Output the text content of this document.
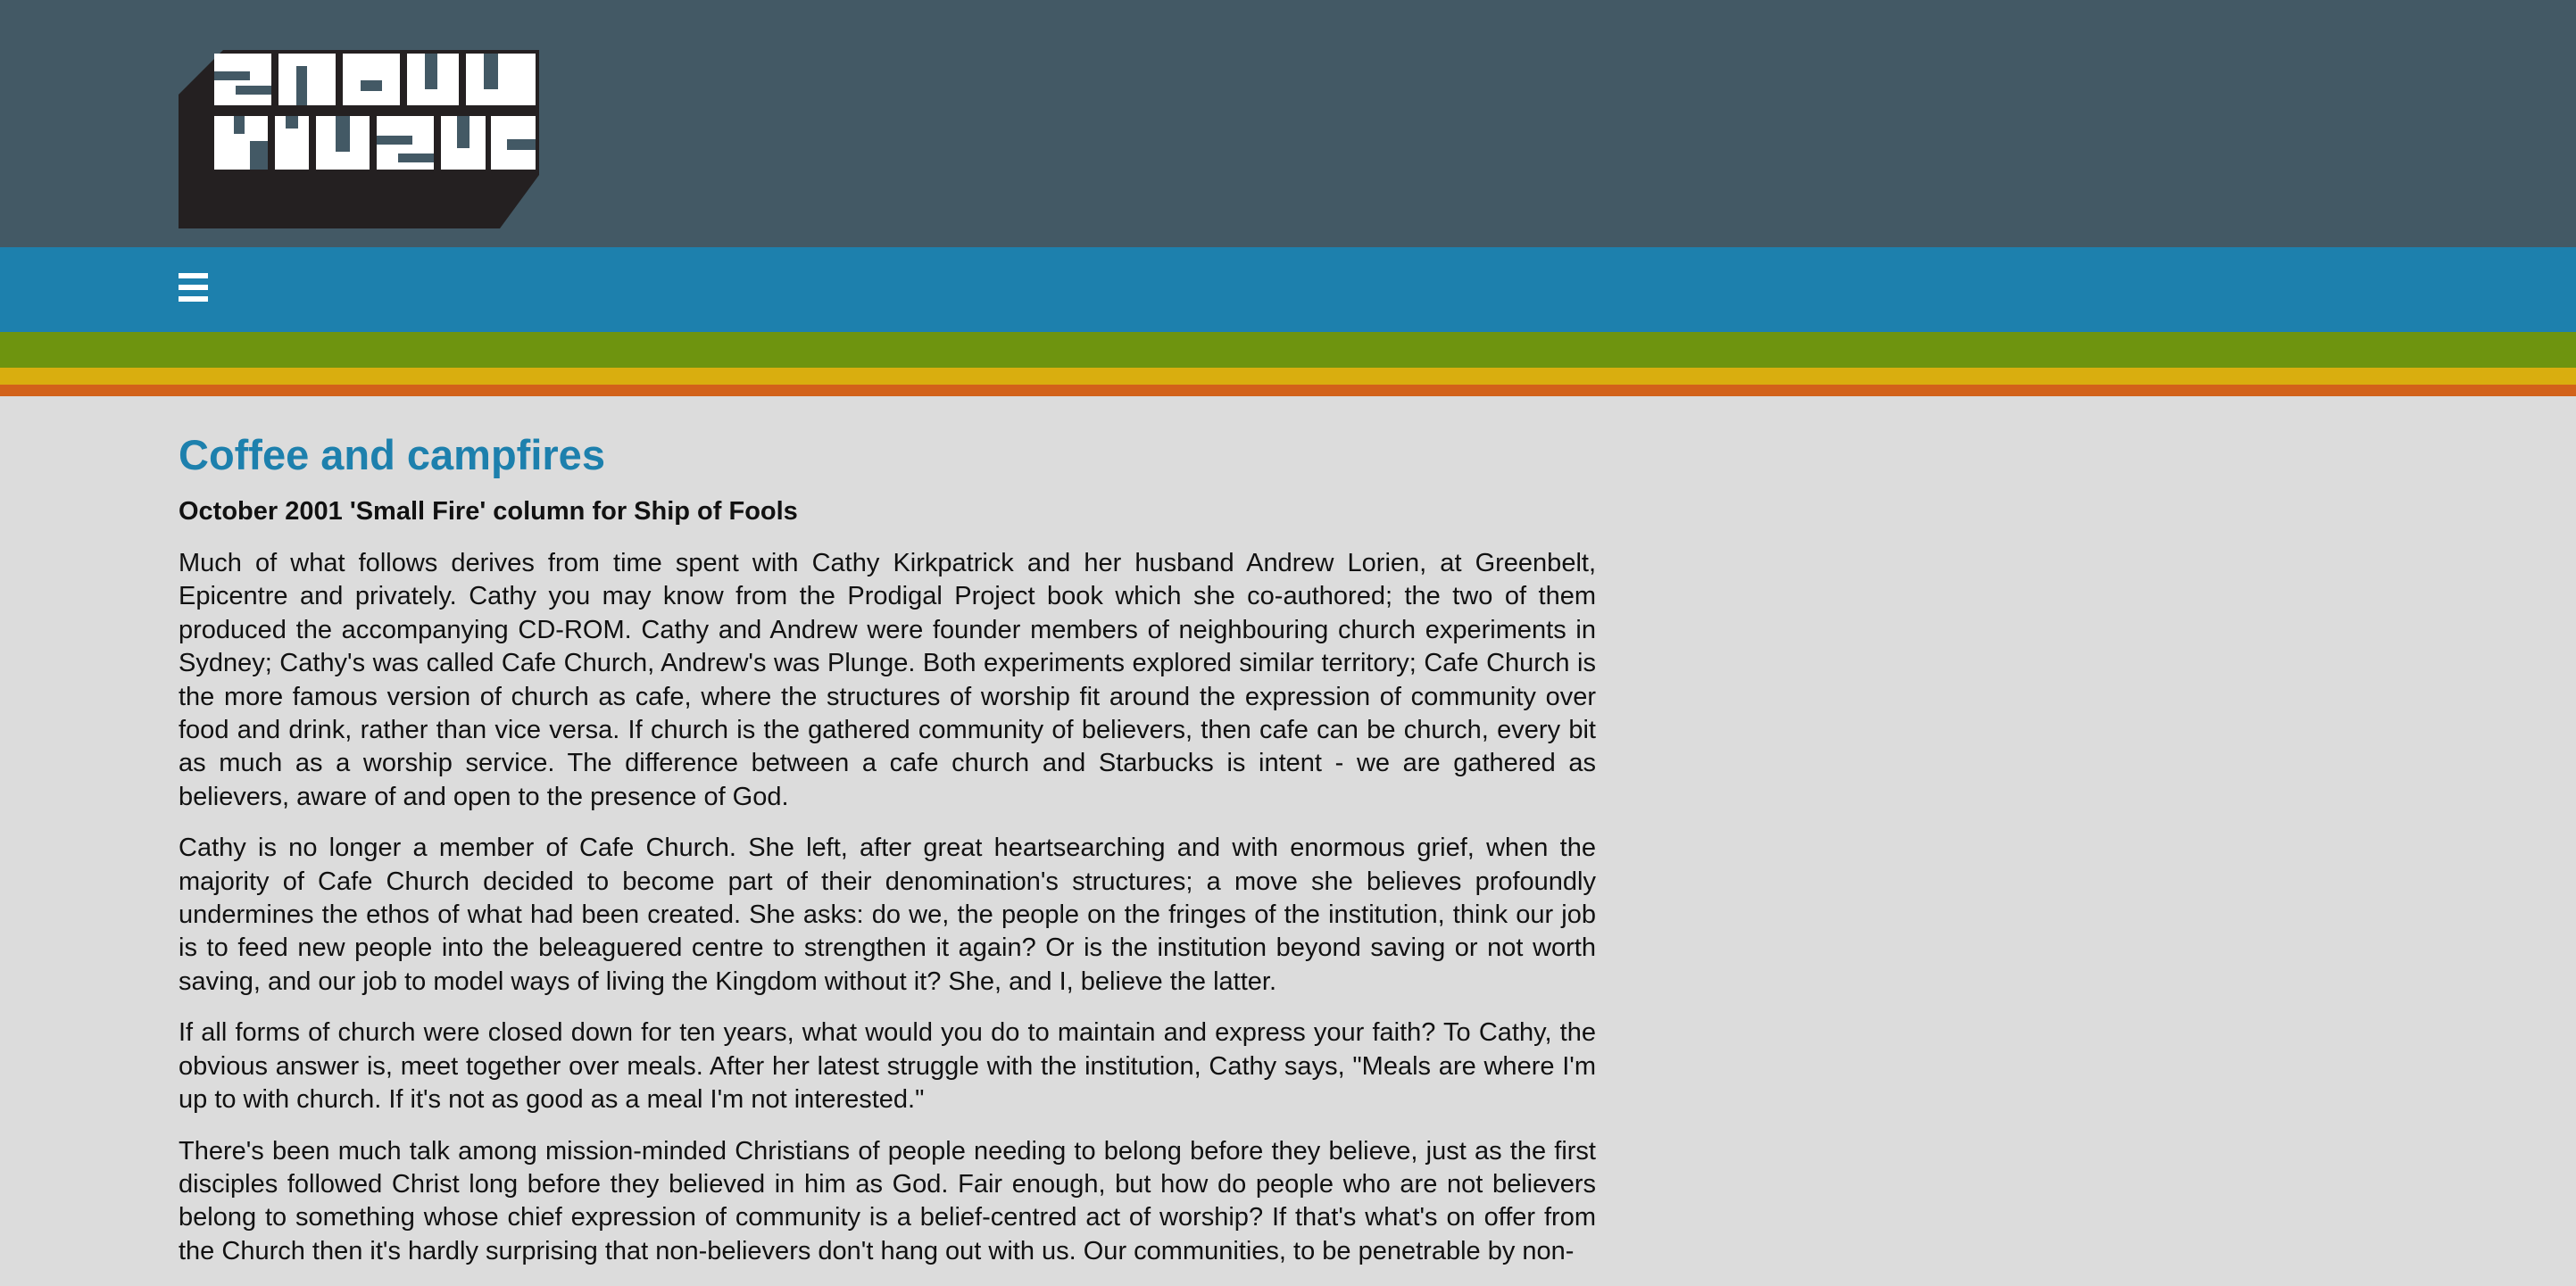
Coffee and campfires
October 2001 'Small Fire' column for Ship of Fools

Much of what follows derives from time spent with Cathy Kirkpatrick and her husband Andrew Lorien, at Greenbelt, Epicentre and privately. Cathy you may know from the Prodigal Project book which she co-authored; the two of them produced the accompanying CD-ROM. Cathy and Andrew were founder members of neighbouring church experiments in Sydney; Cathy's was called Cafe Church, Andrew's was Plunge. Both experiments explored similar territory; Cafe Church is the more famous version of church as cafe, where the structures of worship fit around the expression of community over food and drink, rather than vice versa. If church is the gathered community of believers, then cafe can be church, every bit as much as a worship service. The difference between a cafe church and Starbucks is intent - we are gathered as believers, aware of and open to the presence of God.

Cathy is no longer a member of Cafe Church. She left, after great heartsearching and with enormous grief, when the majority of Cafe Church decided to become part of their denomination's structures; a move she believes profoundly undermines the ethos of what had been created. She asks: do we, the people on the fringes of the institution, think our job is to feed new people into the beleaguered centre to strengthen it again? Or is the institution beyond saving or not worth saving, and our job to model ways of living the Kingdom without it? She, and I, believe the latter.

If all forms of church were closed down for ten years, what would you do to maintain and express your faith? To Cathy, the obvious answer is, meet together over meals. After her latest struggle with the institution, Cathy says, "Meals are where I'm up to with church. If it's not as good as a meal I'm not interested."

There's been much talk among mission-minded Christians of people needing to belong before they believe, just as the first disciples followed Christ long before they believed in him as God. Fair enough, but how do people who are not believers belong to something whose chief expression of community is a belief-centred act of worship? If that's what's on offer from the Church then it's hardly surprising that non-believers don't hang out with us. Our communities, to be penetrable by non-
